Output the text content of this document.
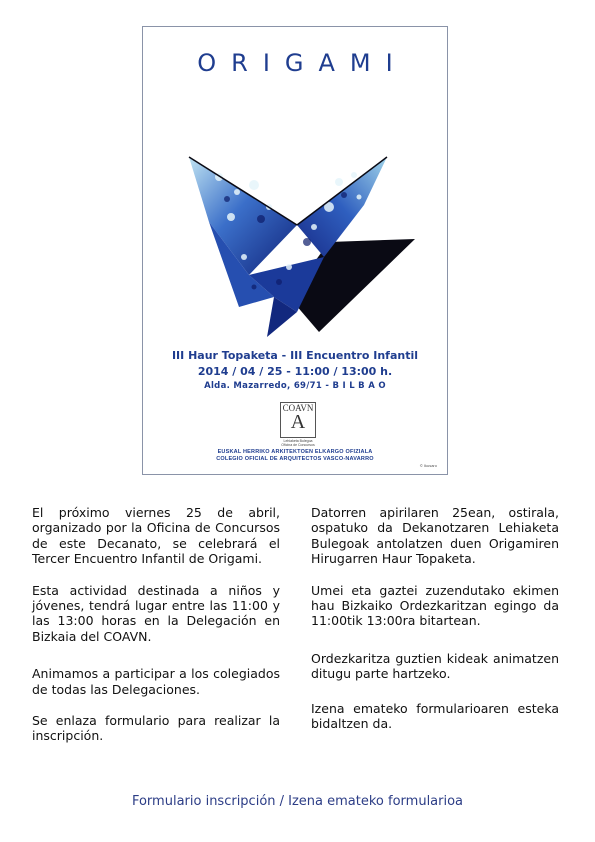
ORIGAMI
III Haur Topaketa - III Encuentro Infantil
2014 / 04 / 25 - 11:00 / 13:00 h.
Alda. Mazarredo, 69/71 - B I L B A O
COAVN
A
Lehiaketa Bulegoa
Oficina de Concursos
EUSKAL HERRIKO ARKITEKTOEN ELKARGO OFIZIALA
COLEGIO OFICIAL DE ARQUITECTOS VASCO-NAVARRO
© Ikusaro

El próximo viernes 25 de abril, organizado por la Oficina de Concursos de este Decanato, se celebrará el Tercer Encuentro Infantil de Origami.

Esta actividad destinada a niños y jóvenes, tendrá lugar entre las 11:00 y las 13:00 horas en la Delegación en Bizkaia del COAVN.

Animamos a participar a los colegiados de todas las Delegaciones.

Se enlaza formulario para realizar la inscripción.

Datorren apirilaren 25ean, ostirala, ospatuko da Dekanotzaren Lehiaketa Bulegoak antolatzen duen Origamiren Hirugarren Haur Topaketa.

Umei eta gaztei zuzendutako ekimen hau Bizkaiko Ordezkaritzan egingo da 11:00tik 13:00ra bitartean.

Ordezkaritza guztien kideak animatzen ditugu parte hartzeko.

Izena emateko formularioaren esteka bidaltzen da.

Formulario inscripción / Izena emateko formularioa
